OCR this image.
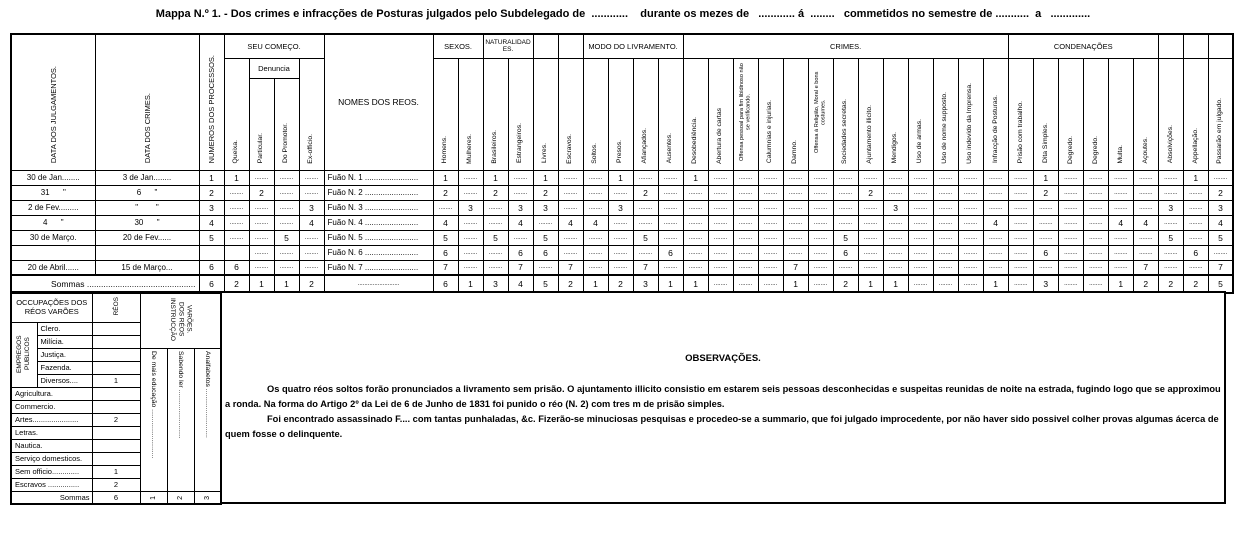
Mappa N.º 1. - Dos crimes e infracções de Posturas julgados pelo Subdelegado de  ............    durante os mezes de   ............ á  ........   commetidos no semestre de ...........  a   .............
DATA DOS JULGAMENTOS.	DATA DOS CRIMES.	NUMEROS DOS PROCESSOS.	SEU COMEÇO.				NOMES DOS REOS.	SEXOS.		NATURALIDADES.				MODO DO LIVRAMENTO.				CRIMES.													CONDENAÇÕES								
			Queixa.	Denuncia		Ex-officio.		Homens.	Mulheres.	Brasileiros.	Estrangeiros.	Livres.	Escravos.	Soltos.	Presos.	Afiançados.	Ausentes.	Desobediência.	Abertura de cartas	Offensa pessoal para fim libidinoso não se verificando.	Calumnias e injurias.	Damno.	Offensa á Religião, Moral e bons costumes.	Sociedades secretas.	Ajuntamento illicito.	Mendigos.	Uso de armas.	Uso de nome supposto.	Uso indevido da Imprensa.	Infracção de Posturas.	Prisão com trabalho.	Dita Simples.	Degredo.	Degredo.	Multa.	Açoutes.	Absolvições.	Appellação.	Passarão em julgado.
				Particular.	Do Promotor.																																		
30 de Jan........	3 de Jan........	1	1	........	........	........	Fuão N. 1 ........................	1	........	1	........	1	........	........	1	........	........	1	........	........	........	........	........	........	........	........	........	........	........	........	........	1	........	........	........	........	........	1	........
31      "	6      "	2	........	2	........	........	Fuão N. 2 ........................	2	........	2	........	2	........	........	........	2	........	........	........	........	........	........	........	........	2	........	........	........	........	........	........	2	........	........	........	........	........	........	2
2 de Fev.........	"        "	3	........	........	........	3	Fuão N. 3 ........................	........	3	........	3	3	........	........	3	........	........	........	........	........	........	........	........	........	........	3	........	........	........	........	........	........	........	........	........	........	3	........	3
4      "	30      "	4	........	........	........	4	Fuão N. 4 ........................	4	........	........	4	........	4	4	........	........	........	........	........	........	........	........	........	........	........	........	........	........	........	4	........	........	........	........	4	4	........	........	4
30 de Março.	20 de Fev......	5	........	........	5	........	Fuão N. 5 ........................	5	........	5	........	5	........	........	........	5	........	........	........	........	........	........	........	5	........	........	........	........	........	........	........	........	........	........	........	........	5	........	5
				........	........	........	Fuão N. 6 ........................	6	........	........	6	6	........	........	........	........	6	........	........	........	........	........	........	6	........	........	........	........	........	........	........	6	........	........	........	........	........	6	........
20 de Abril......	15 de Março...	6	6	........	........	........	Fuão N. 7 ........................	7	........	........	7	........	7	........	........	7	........	........	........	........	........	7	........	........	........	........	........	........	........	........	........	........	........	........	........	7	........	........	7
Sommas ..............................................		6	2	1	1	2	.........................	6	1	3	4	5	2	1	2	3	1	1	........	........	........	1	........	2	1	1	........	........	........	1	........	3	........	........	1	2	2	2	5
OCCUPAÇÕES DOS RÉOS VARÕES		RÉOS	INSTRUCÇÃO DOS RÉOS VARÕES.		
EMPREGOS PUBLICOS	Clero.				
	Milícia.				
	Justiça.		De mais educação ..........................	Sabendo ler ..........................	Analfabetos ..........................
	Fazenda.				
	Diversos....	1			
Agricultura.					
Commercio.					
Artes......................		2			
Letras.					
Nautica.					
Serviço domesticos.					
Sem officio.............		1			
Escravos ...............		2			
Sommas		6	1	2	3
OBSERVAÇÕES.

Os quatro réos soltos forão pronunciados a livramento sem prisão. O ajuntamento illicito consistio em estarem seis pessoas desconhecidas e suspeitas reunidas de noite na estrada, fugindo logo que se approximou a ronda. Na forma do Artigo 2º da Lei de 6 de Junho de 1831 foi punido o réo (N. 2) com tres m de prisão simples.

Foi encontrado assassinado F.... com tantas punhaladas, &c. Fizerão-se minuciosas pesquisas e procedeo-se a summario, que foi julgado improcedente, por não haver sido possivel colher provas algumas ácerca de quem fosse o delinquente.
